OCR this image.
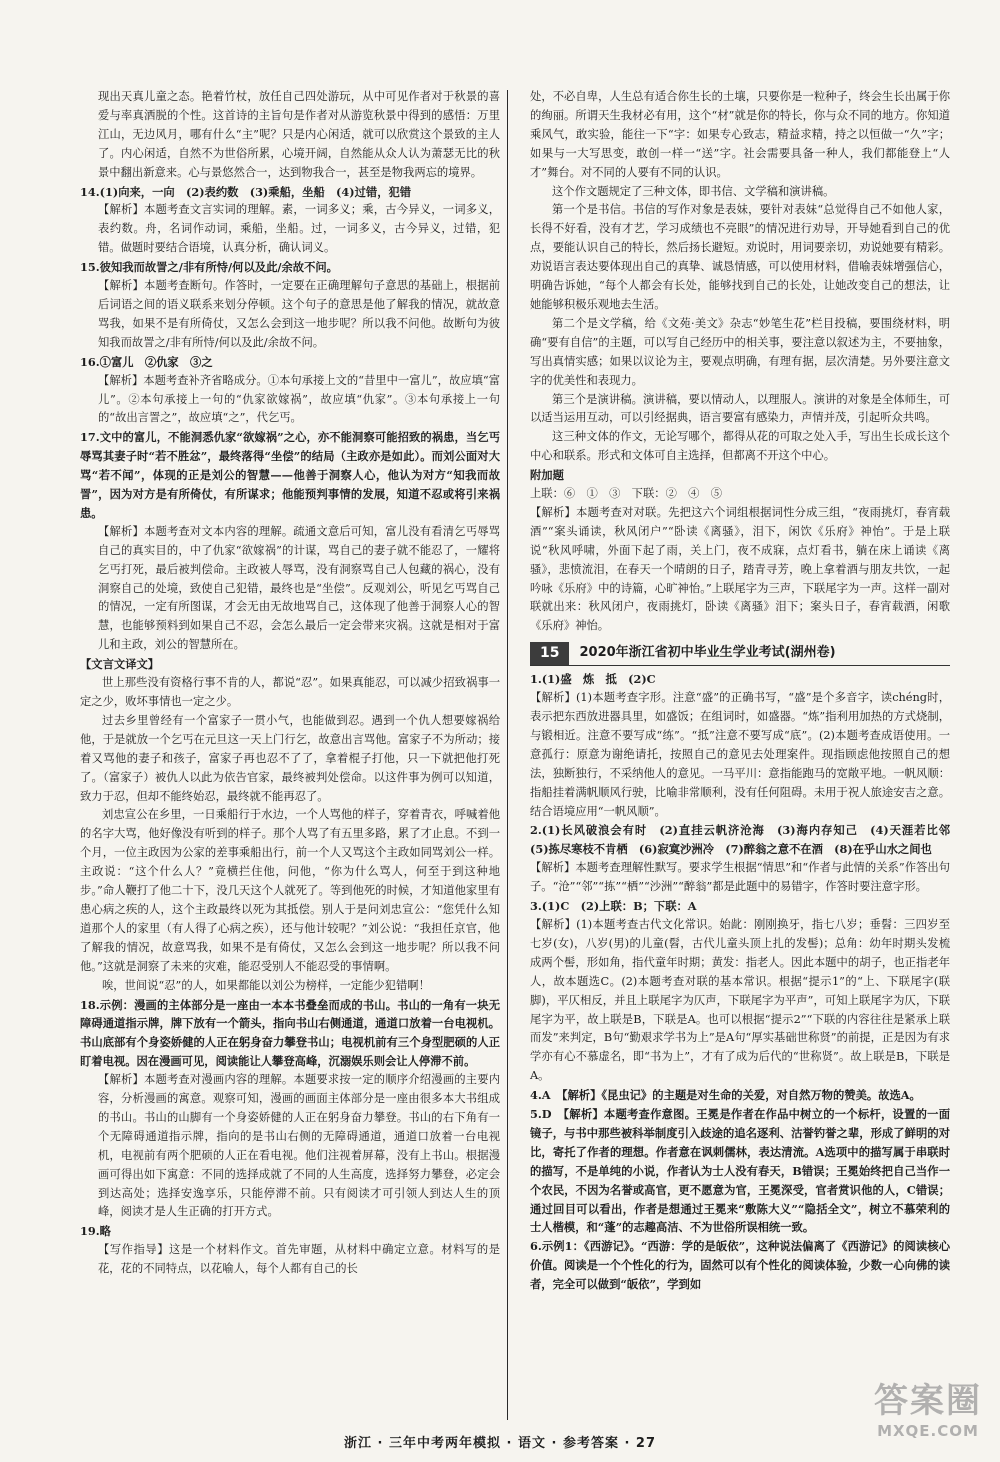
现出天真儿童之态。艳着竹杖，放任自己四处游玩，从中可见作者对于秋景的喜爱与率真洒脱的个性。这首诗的主旨句是作者对从游览秋景中得到的感悟：万里江山，无边风月，哪有什么“主”呢？只是内心闲适，就可以欣赏这个景致的主人了。内心闲适，自然不为世俗所累，心境开阔，自然能从众人认为萧瑟无比的秋景中翻出新意来。心与景悠然合一，达到物我合一，甚至是物我两忘的境界。

14.(1)向来，一向　(2)表约数　(3)乘船，坐船　(4)过错，犯错

【解析】本题考查文言实词的理解。素，一词多义；乘，古今异义，一词多义，表约数。舟，名词作动词，乘船，坐船。过，一词多义，古今异义，过错，犯错。做题时要结合语境，认真分析，确认词义。

15.彼知我而故詈之/非有所恃/何以及此/余故不问。

【解析】本题考查断句。作答时，一定要在正确理解句子意思的基础上，根据前后词语之间的语义联系来划分停顿。这个句子的意思是他了解我的情况，就故意骂我，如果不是有所倚仗，又怎么会到这一地步呢？所以我不问他。故断句为彼知我而故詈之/非有所恃/何以及此/余故不问。

16.①富儿　②仇家　③之

【解析】本题考查补齐省略成分。①本句承接上文的“昔里中一富儿”，故应填“富儿”。②本句承接上一句的“仇家欲嫁祸”，故应填“仇家”。③本句承接上一句的“故出言詈之”，故应填“之”，代乞丐。

17.文中的富儿，不能洞悉仇家“欲嫁祸”之心，亦不能洞察可能招致的祸患，当乞丐辱骂其妻子时“若不胜忿”，最终落得“坐偿”的结局（主政亦是如此）。而刘公面对大骂“若不闻”，体现的正是刘公的智慧——他善于洞察人心，他认为对方“知我而故詈”，因为对方是有所倚仗，有所谋求；他能预判事情的发展，知道不忍或将引来祸患。

【解析】本题考查对文本内容的理解。疏通文意后可知，富儿没有看清乞丐辱骂自己的真实目的，中了仇家“欲嫁祸”的计谋，骂自己的妻子就不能忍了，一耀将乞丐打死，最后被判偿命。主政被人辱骂，没有洞察骂自己人包藏的祸心，没有洞察自己的处境，致使自己犯错，最终也是“坐偿”。反观刘公，听见乞丐骂自己的情况，一定有所图谋，才会无由无故地骂自己，这体现了他善于洞察人心的智慧，也能够预料到如果自己不忍，会怎么最后一定会带来灾祸。这就是相对于富儿和主政，刘公的智慧所在。

【文言文译文】

世上那些没有资格行事不肯的人，都说“忍”。如果真能忍，可以减少招致祸事一定之少，败坏事情也一定之少。

过去乡里曾经有一个富家子一贯小气，也能做到忍。遇到一个仇人想要嫁祸给他，于是就放一个乞丐在元旦这一天上门行乞，故意出言骂他。富家子不为所动；接着又骂他的妻子和孩子，富家子再也忍不了了，拿着棍子打他，只一下就把他打死了。（富家子）被仇人以此为依告官家，最终被判处偿命。以这件事为例可以知道，致力于忍，但却不能终始忍，最终就不能再忍了。

刘忠宣公在乡里，一日乘船行于水边，一个人骂他的样子，穿着青衣，呼喊着他的名字大骂，他好像没有听到的样子。那个人骂了有五里多路，累了才止息。不到一个月，一位主政因为公家的差事乘船出行，前一个人又骂这个主政如同骂刘公一样。主政说：“这个什么人？”竟横拦住他，问他，“你为什么骂人，何至于到这种地步。”命人鞭打了他二十下，没几天这个人就死了。等到他死的时候，才知道他家里有患心病之疾的人，这个主政最终以死为其抵偿。别人于是问刘忠宣公：“您凭什么知道那个人的家里（有人得了心病之疾），还与他计较呢？”刘公说：“我担任京官，他了解我的情况，故意骂我，如果不是有倚仗，又怎么会到这一地步呢？所以我不问他。”这就是洞察了未来的灾难，能忍受别人不能忍受的事情啊。

唉，世间说“忍”的人，如果都能以刘公为榜样，一定能少犯错啊！

18.示例：漫画的主体部分是一座由一本本书叠垒而成的书山。书山的一角有一块无障碍通道指示牌，牌下放有一个箭头，指向书山右侧通道，通道口放着一台电视机。书山底部有个身姿娇健的人正在躬身奋力攀登书山；电视机前有三个身型肥硕的人正盯着电视。因在漫画可见，阅读能让人攀登高峰，沉溺娱乐则会让人停滞不前。

【解析】本题考查对漫画内容的理解。本题要求按一定的顺序介绍漫画的主要内容，分析漫画的寓意。观察可知，漫画的画面主体部分是一座由很多本大书组成的书山。书山的山脚有一个身姿娇健的人正在躬身奋力攀登。书山的右下角有一个无障碍通道指示牌，指向的是书山右侧的无障碍通道，通道口放着一台电视机，电视前有两个肥硕的人正在看电视。他们注视着屏幕，没有上书山。根据漫画可得出如下寓意：不同的选择成就了不同的人生高度，选择努力攀登，必定会到达高处；选择安逸享乐，只能停滞不前。只有阅读才可引领人到达人生的顶峰，阅读才是人生正确的打开方式。

19.略

【写作指导】这是一个材料作文。首先审题，从材料中确定立意。材料写的是花，花的不同特点，以花喻人，每个人都有自己的长

处，不必自卑，人生总有适合你生长的土壤，只要你是一粒种子，终会生长出属于你的绚丽。所谓天生我材必有用，这个“材”就是你的特长，你与众不同的地方。你知道乘风气，敢实验，能往一下“字：如果专心致志，精益求精，持之以恒做一“久”字；如果与一大写思变，敢创一样一“送”字。社会需要具备一种人，我们都能登上“人才”舞台。对不同的人要有不同的认识。

这个作文题规定了三种文体，即书信、文学稿和演讲稿。

第一个是书信。书信的写作对象是表妹，要针对表妹“总觉得自己不如他人家，长得不好看，没有才艺，学习成绩也不亮眼”的情况进行劝导，开导她看到自己的优点，要能认识自己的特长，然后扬长避短。劝说时，用词要亲切，劝说她要有精彩。劝说语言表达要体现出自己的真挚、诚恳情感，可以使用材料，借喻表妹增强信心，明确告诉她，“每个人都会有长处，能够找到自己的长处，让她改变自己的想法，让她能够积极乐观地去生活。

第二个是文学稿，给《文苑·美文》杂志“妙笔生花”栏目投稿，要围绕材料，明确“要有自信”的主题，可以写自己经历中的相关事，要注意以叙述为主，不要抽象，写出真情实感；如果以议论为主，要观点明确，有理有据，层次清楚。另外要注意文字的优美性和表现力。

第三个是演讲稿。演讲稿，要以情动人，以理服人。演讲的对象是全体师生，可以适当运用互动，可以引经据典，语言要富有感染力，声情并茂，引起听众共鸣。

这三种文体的作文，无论写哪个，都得从花的可取之处入手，写出生长成长这个中心和联系。形式和文体可自主选择，但都离不开这个中心。

附加题

上联：⑥　①　③　下联：②　④　⑤

【解析】本题考查对对联。先把这六个词组根据词性分成三组，“夜雨挑灯，春宵载酒”“案头诵读，秋风闭户”“卧读《离骚》，泪下，闲饮《乐府》神怡”。于是上联说“秋风呼啸，外面下起了雨，关上门，夜不成寐，点灯看书，躺在床上诵读《离骚》，悲愤流泪，在春天一个晴朗的日子，踏青寻芳，晚上拿着酒与朋友共饮，一起吟咏《乐府》中的诗篇，心旷神怡。”上联尾字为三声，下联尾字为一声。这样一副对联就出来：秋风闭户，夜雨挑灯，卧读《离骚》泪下；案头日子，春宵载酒，闲歌《乐府》神怡。

15	2020年浙江省初中毕业生学业考试(湖州卷)

1.(1)盛　炼　抵　(2)C

【解析】(1)本题考查字形。注意“盛”的正确书写，“盛”是个多音字，读chéng时，表示把东西放进器具里，如盛饭；在组词时，如盛器。“炼”指利用加热的方式烧制，与锻相近。注意不要写成“练”。“抵”注意不要写成“底”。(2)本题考查成语使用。一意孤行：原意为谢绝请托，按照自己的意见去处理案件。现指顾虑他按照自己的想法，独断独行，不采纳他人的意见。一马平川：意指能跑马的宽敞平地。一帆风顺：指船挂着满帆顺风行驶，比喻非常顺利，没有任何阻碍。未用于祝人旅途安吉之意。结合语境应用“一帆风顺”。

2.(1)长风破浪会有时　(2)直挂云帆济沧海　(3)海内存知己　(4)天涯若比邻　(5)拣尽寒枝不肯栖　(6)寂寞沙洲冷　(7)醉翁之意不在酒　(8)在乎山水之间也

【解析】本题考查理解性默写。要求学生根据“情思”和“作者与此情的关系”作答出句子。“沧”“邻”“拣”“栖”“沙洲”“醉翁”都是此题中的易错字，作答时要注意字形。

3.(1)C　(2)上联：B；下联：A

【解析】(1)本题考查古代文化常识。始龀：刚刚换牙，指七八岁；垂髫：三四岁至七岁(女)，八岁(男)的儿童(髫，古代儿童头顶上扎的发髻)；总角：幼年时期头发梳成两个髻，形如角，指代童年时期；黄发：指老人。因此本题中的胡子，也正指老年人，故本题选C。(2)本题考查对联的基本常识。根据“提示1”的“上、下联尾字(联脚)，平仄相反，并且上联尾字为仄声，下联尾字为平声”，可知上联尾字为仄，下联尾字为平，故上联是B，下联是A。也可以根据“提示2”“下联的内容往往是紧承上联而发”来判定，B句“勤艰求学书为上”是A句“厚实基础世称贤”的前提，正是因为有求学亦有心不慕虚名，即“书为上”，才有了成为后代的“世称贤”。故上联是B，下联是A。

4.A　【解析】《昆虫记》的主题是对生命的关爱，对自然万物的赞美。故选A。

5.D　【解析】本题考查作意图。王冕是作者在作品中树立的一个标杆，设置的一面镜子，与书中那些被科举制度引入歧途的追名逐利、沽誉钓誉之辈，形成了鲜明的对比，寄托了作者的理想。作者意在讽刺儒林，表达清流。A选项中的描写属于串联时的描写，不是单纯的小说，作者认为士人没有春天，B错误；王冕始终把自己当作一个农民，不因为名誉或高官，更不愿意为官，王冕深受，官者赏识他的人，C错误；通过回目可以看出，作者是想通过王冕来“敷陈大义”“隐括全文”，树立不慕荣利的士人楷模，和“蓬”的志趣高洁、不为世俗所误相统一致。

6.示例1：《西游记》。“西游：学的是皈依”，这种说法偏离了《西游记》的阅读核心价值。阅读是一个个性化的行为，固然可以有个性化的阅读体验，少数一心向佛的读者，完全可以做到“皈依”，学到如

浙江 · 三年中考两年模拟 · 语文 · 参考答案 · 27
答案圈
MXQE.COM
